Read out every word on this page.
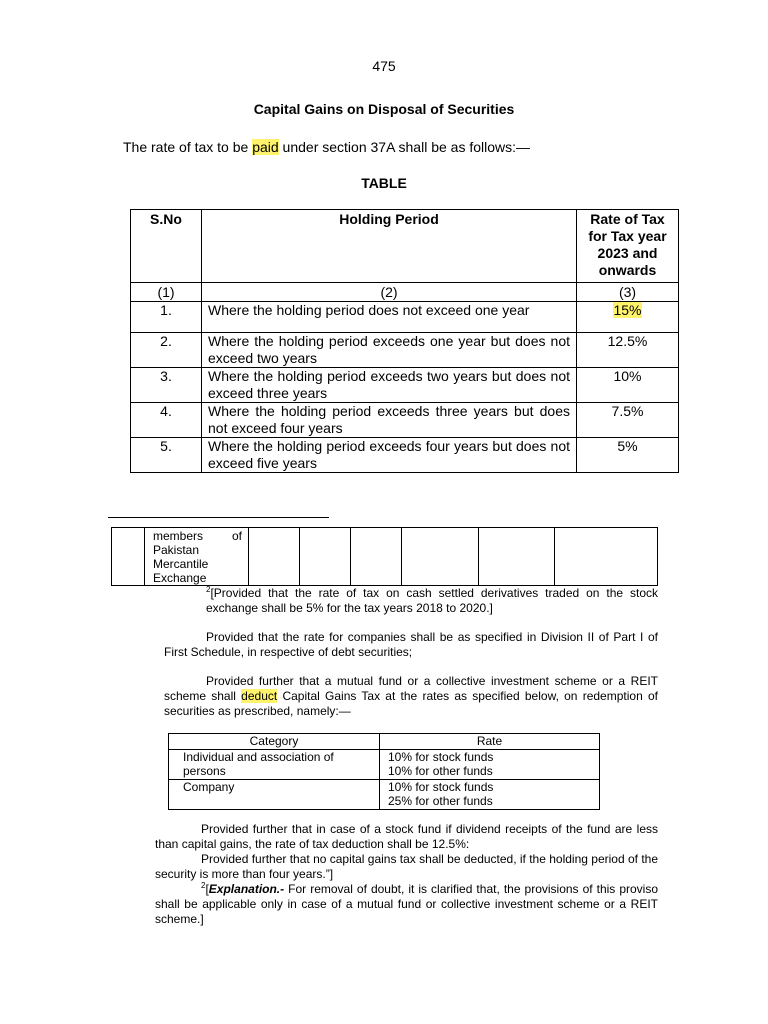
475
Capital Gains on Disposal of Securities
The rate of tax to be paid under section 37A shall be as follows:—
TABLE
S.No	Holding Period	Rate of Tax for Tax year 2023 and onwards
(1)	(2)	(3)
1.	Where the holding period does not exceed one year	15%
2.	Where the holding period exceeds one year but does not exceed two years	12.5%
3.	Where the holding period exceeds two years but does not exceed three years	10%
4.	Where the holding period exceeds three years but does not exceed four years	7.5%
5.	Where the holding period exceeds four years but does not exceed five years	5%

members of
Pakistan
Mercantile
Exchange

$^2$[Provided that the rate of tax on cash settled derivatives traded on the stock exchange shall be 5% for the tax years 2018 to 2020.]
Provided that the rate for companies shall be as specified in Division II of Part I of First Schedule, in respective of debt securities;
Provided further that a mutual fund or a collective investment scheme or a REIT scheme shall deduct Capital Gains Tax at the rates as specified below, on redemption of securities as prescribed, namely:—
Category	Rate
Individual and association of persons	10% for stock funds
10% for other funds

Company	10% for stock funds
25% for other funds
Provided further that in case of a stock fund if dividend receipts of the fund are less than capital gains, the rate of tax deduction shall be 12.5%:
Provided further that no capital gains tax shall be deducted, if the holding period of the security is more than four years.”]
$^2$[Explanation.- For removal of doubt, it is clarified that, the provisions of this proviso shall be applicable only in case of a mutual fund or collective investment scheme or a REIT scheme.]
